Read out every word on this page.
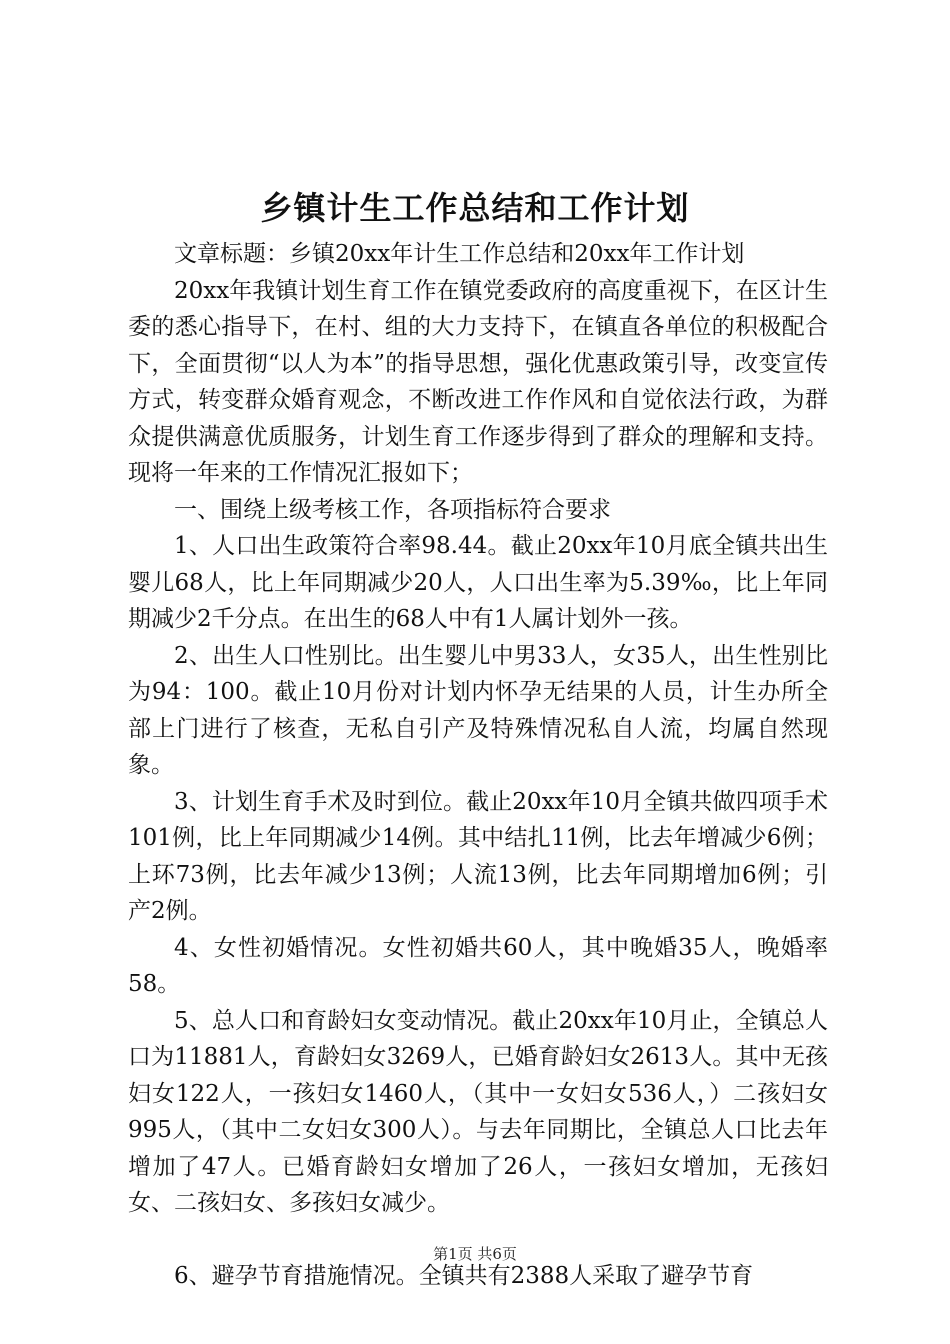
乡镇计生工作总结和工作计划

文章标题：乡镇20xx年计生工作总结和20xx年工作计划

20xx年我镇计划生育工作在镇党委政府的高度重视下，在区计生委的悉心指导下，在村、组的大力支持下，在镇直各单位的积极配合下，全面贯彻“以人为本”的指导思想，强化优惠政策引导，改变宣传方式，转变群众婚育观念，不断改进工作作风和自觉依法行政，为群众提供满意优质服务，计划生育工作逐步得到了群众的理解和支持。现将一年来的工作情况汇报如下；

一、围绕上级考核工作，各项指标符合要求

1、人口出生政策符合率98.44。截止20xx年10月底全镇共出生婴儿68人，比上年同期减少20人，人口出生率为5.39‰，比上年同期减少2千分点。在出生的68人中有1人属计划外一孩。

2、出生人口性别比。出生婴儿中男33人，女35人，出生性别比为94：100。截止10月份对计划内怀孕无结果的人员，计生办所全部上门进行了核查，无私自引产及特殊情况私自人流，均属自然现象。

3、计划生育手术及时到位。截止20xx年10月全镇共做四项手术101例，比上年同期减少14例。其中结扎11例，比去年增减少6例；上环73例，比去年减少13例；人流13例，比去年同期增加6例；引产2例。

4、女性初婚情况。女性初婚共60人，其中晚婚35人，晚婚率58。

5、总人口和育龄妇女变动情况。截止20xx年10月止，全镇总人口为11881人，育龄妇女3269人，已婚育龄妇女2613人。其中无孩妇女122人，一孩妇女1460人，（其中一女妇女536人，）二孩妇女995人，（其中二女妇女300人）。与去年同期比，全镇总人口比去年增加了47人。已婚育龄妇女增加了26人，一孩妇女增加，无孩妇女、二孩妇女、多孩妇女减少。

6、避孕节育措施情况。全镇共有2388人采取了避孕节育

第1页 共6页
